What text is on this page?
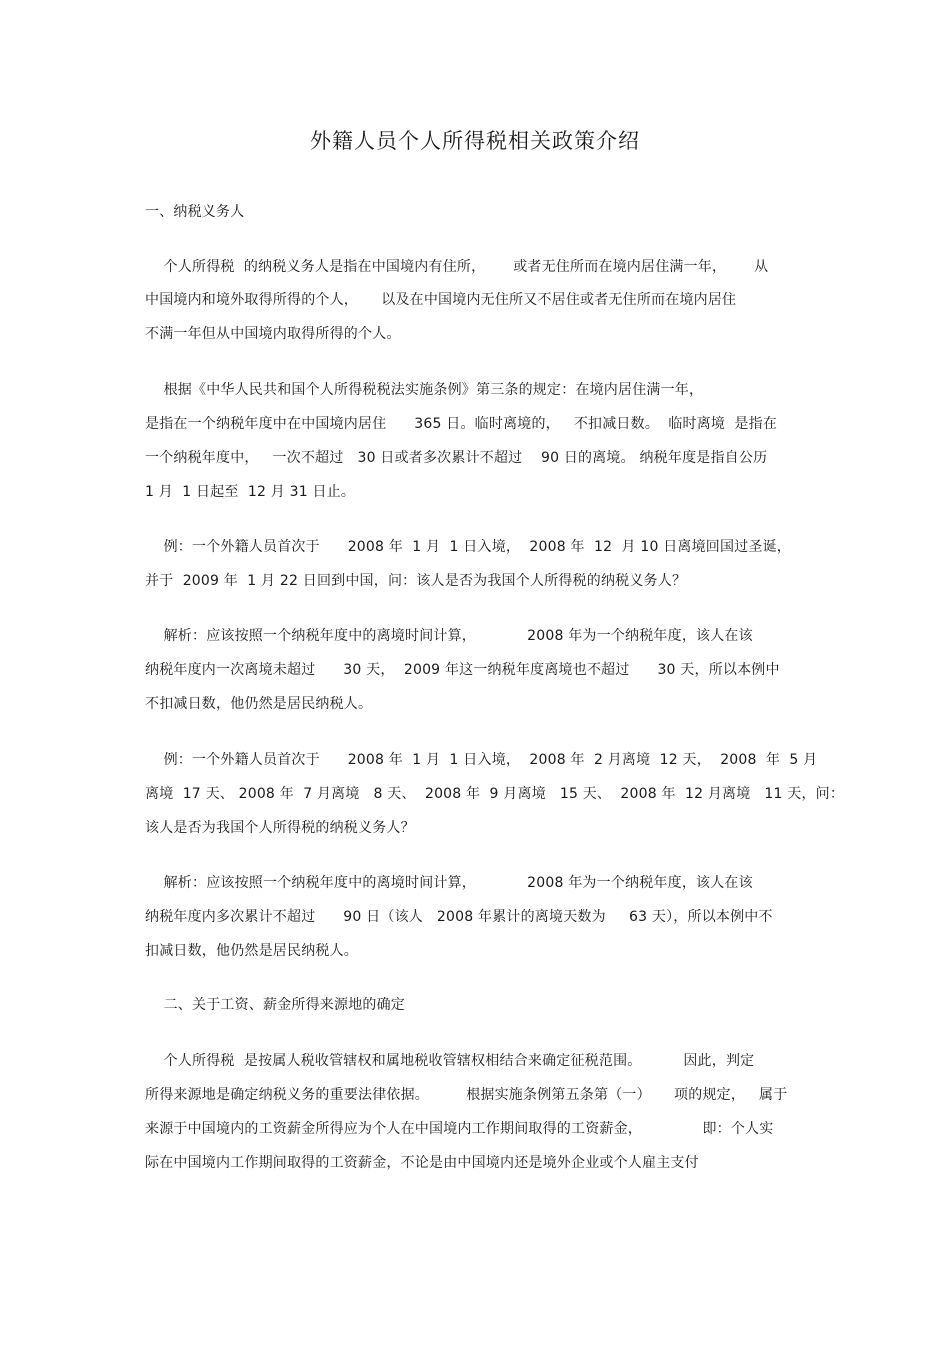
外籍人员个人所得税相关政策介绍
一、纳税义务人
个人所得税  的纳税义务人是指在中国境内有住所，      或者无住所而在境内居住满一年，      从
中国境内和境外取得所得的个人，     以及在中国境内无住所又不居住或者无住所而在境内居住
不满一年但从中国境内取得所得的个人。
根据《中华人民共和国个人所得税税法实施条例》第三条的规定：在境内居住满一年，
是指在一个纳税年度中在中国境内居住      365 日。临时离境的，   不扣减日数。  临时离境  是指在
一个纳税年度中，   一次不超过   30 日或者多次累计不超过    90 日的离境。 纳税年度是指自公历
1 月  1 日起至  12 月 31 日止。
例：一个外籍人员首次于      2008 年  1 月  1 日入境，  2008 年  12  月 10 日离境回国过圣诞，
并于  2009 年  1 月 22 日回到中国，问：该人是否为我国个人所得税的纳税义务人？
解析：应该按照一个纳税年度中的离境时间计算，           2008 年为一个纳税年度，该人在该
纳税年度内一次离境未超过      30 天，  2009 年这一纳税年度离境也不超过      30 天，所以本例中
不扣减日数，他仍然是居民纳税人。
例：一个外籍人员首次于      2008 年  1 月  1 日入境，  2008 年  2 月离境  12 天，  2008  年  5 月
离境  17 天、 2008 年  7 月离境   8 天、  2008 年  9 月离境   15 天、  2008 年  12 月离境   11 天，问：
该人是否为我国个人所得税的纳税义务人？
解析：应该按照一个纳税年度中的离境时间计算，           2008 年为一个纳税年度，该人在该
纳税年度内多次累计不超过      90 日（该人   2008 年累计的离境天数为     63 天），所以本例中不
扣减日数，他仍然是居民纳税人。
二、关于工资、薪金所得来源地的确定
个人所得税  是按属人税收管辖权和属地税收管辖权相结合来确定征税范围。         因此，判定
所得来源地是确定纳税义务的重要法律依据。        根据实施条例第五条第（一）     项的规定，   属于
来源于中国境内的工资薪金所得应为个人在中国境内工作期间取得的工资薪金，             即：个人实
际在中国境内工作期间取得的工资薪金，不论是由中国境内还是境外企业或个人雇主支付
